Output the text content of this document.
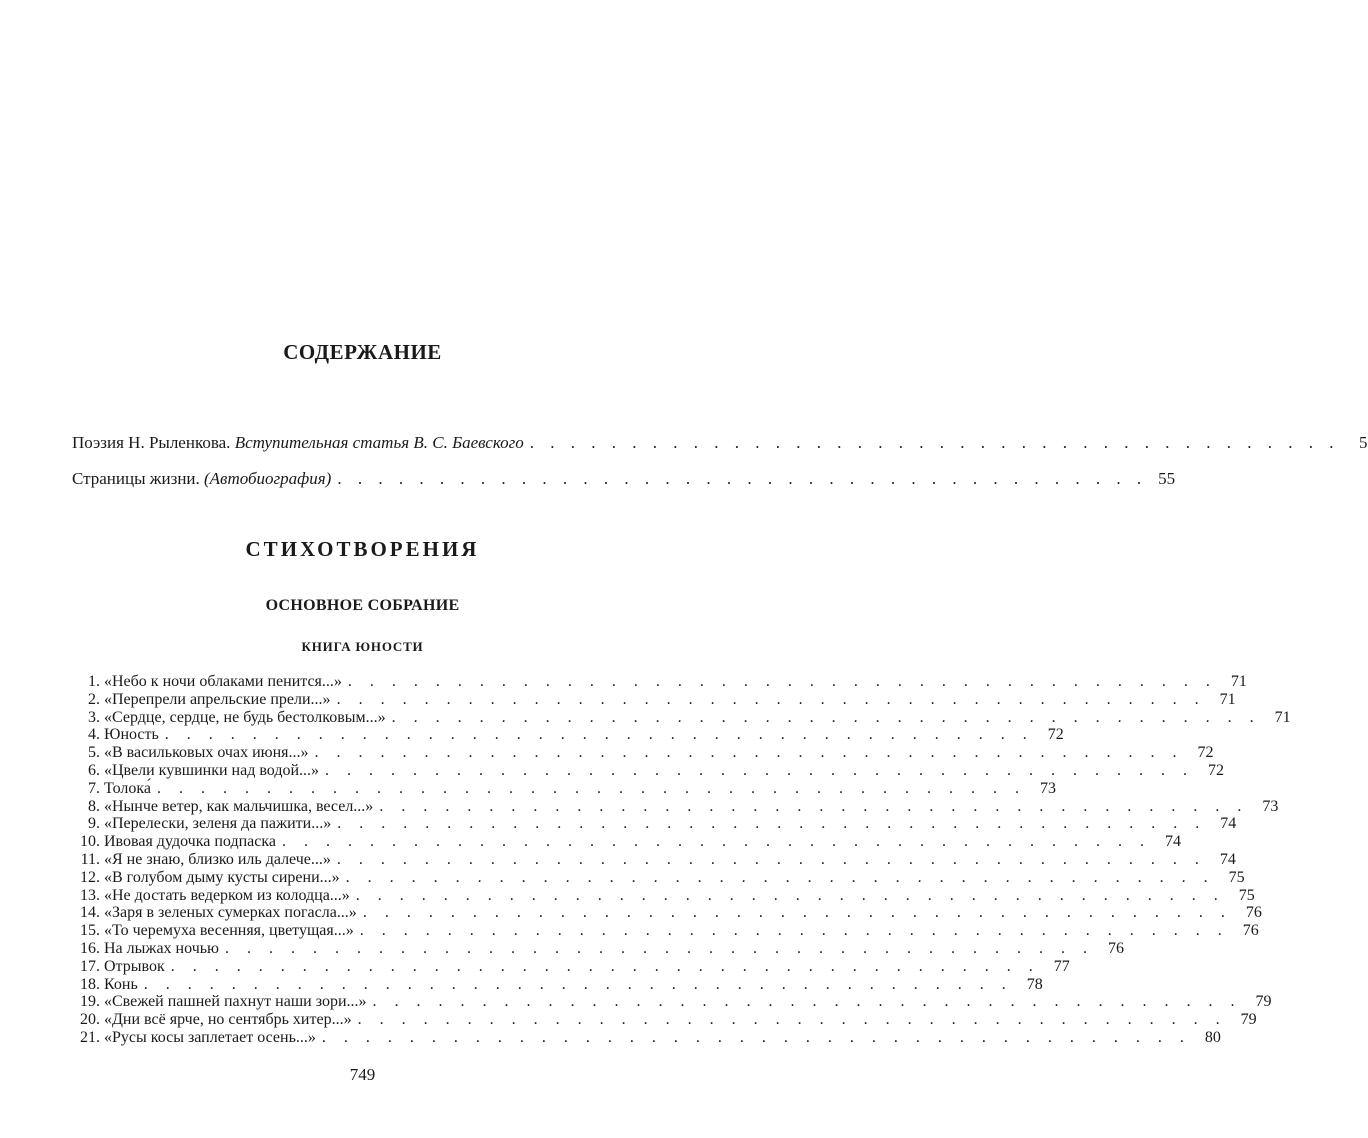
СОДЕРЖАНИЕ
Поэзия Н. Рыленкова. Вступительная статья В. С. Баевского . . . . . . . . . . . . . . . . . . . . . . . . . . . . . . . . . . . . . . . .	5
Страницы жизни. (Автобиография) . . . . . . . . . . . . . . . . . . . . . . . . . . . . . . . . . . . . . . . . 55
СТИХОТВОРЕНИЯ
ОСНОВНОЕ СОБРАНИЕ
КНИГА ЮНОСТИ
1. «Небо к ночи облаками пенится...» . . . . . . . . . . . . . . . . . . . . . . . . . . . . . . . . . . . . . . . . 71
2. «Перепрели апрельские прели...» . . . . . . . . . . . . . . . . . . . . . . . . . . . . . . . . . . . . . . . . 71
3. «Сердце, сердце, не будь бестолковым...» . . . . . . . . . . . . . . . . . . . . . . . . . . . . . . . . . . . . . . . . 71
4. Юность . . . . . . . . . . . . . . . . . . . . . . . . . . . . . . . . . . . . . . . . 72
5. «В васильковых очах июня...» . . . . . . . . . . . . . . . . . . . . . . . . . . . . . . . . . . . . . . . . 72
6. «Цвели кувшинки над водой...» . . . . . . . . . . . . . . . . . . . . . . . . . . . . . . . . . . . . . . . . 72
7. Толока́ . . . . . . . . . . . . . . . . . . . . . . . . . . . . . . . . . . . . . . . . 73
8. «Нынче ветер, как мальчишка, весел...» . . . . . . . . . . . . . . . . . . . . . . . . . . . . . . . . . . . . . . . . 73
9. «Перелески, зеленя да пажити...» . . . . . . . . . . . . . . . . . . . . . . . . . . . . . . . . . . . . . . . . 74
10. Ивовая дудочка подпаска . . . . . . . . . . . . . . . . . . . . . . . . . . . . . . . . . . . . . . . . 74
11. «Я не знаю, близко иль далече...» . . . . . . . . . . . . . . . . . . . . . . . . . . . . . . . . . . . . . . . . 74
12. «В голубом дыму кусты сирени...» . . . . . . . . . . . . . . . . . . . . . . . . . . . . . . . . . . . . . . . . 75
13. «Не достать ведерком из колодца...» . . . . . . . . . . . . . . . . . . . . . . . . . . . . . . . . . . . . . . . . 75
14. «Заря в зеленых сумерках погасла...» . . . . . . . . . . . . . . . . . . . . . . . . . . . . . . . . . . . . . . . . 76
15. «То черемуха весенняя, цветущая...» . . . . . . . . . . . . . . . . . . . . . . . . . . . . . . . . . . . . . . . . 76
16. На лыжах ночью . . . . . . . . . . . . . . . . . . . . . . . . . . . . . . . . . . . . . . . . 76
17. Отрывок . . . . . . . . . . . . . . . . . . . . . . . . . . . . . . . . . . . . . . . . 77
18. Конь . . . . . . . . . . . . . . . . . . . . . . . . . . . . . . . . . . . . . . . . 78
19. «Свежей пашней пахнут наши зори...» . . . . . . . . . . . . . . . . . . . . . . . . . . . . . . . . . . . . . . . . 79
20. «Дни всё ярче, но сентябрь хитер...» . . . . . . . . . . . . . . . . . . . . . . . . . . . . . . . . . . . . . . . . 79
21. «Русы косы заплетает осень...» . . . . . . . . . . . . . . . . . . . . . . . . . . . . . . . . . . . . . . . . 80
749
